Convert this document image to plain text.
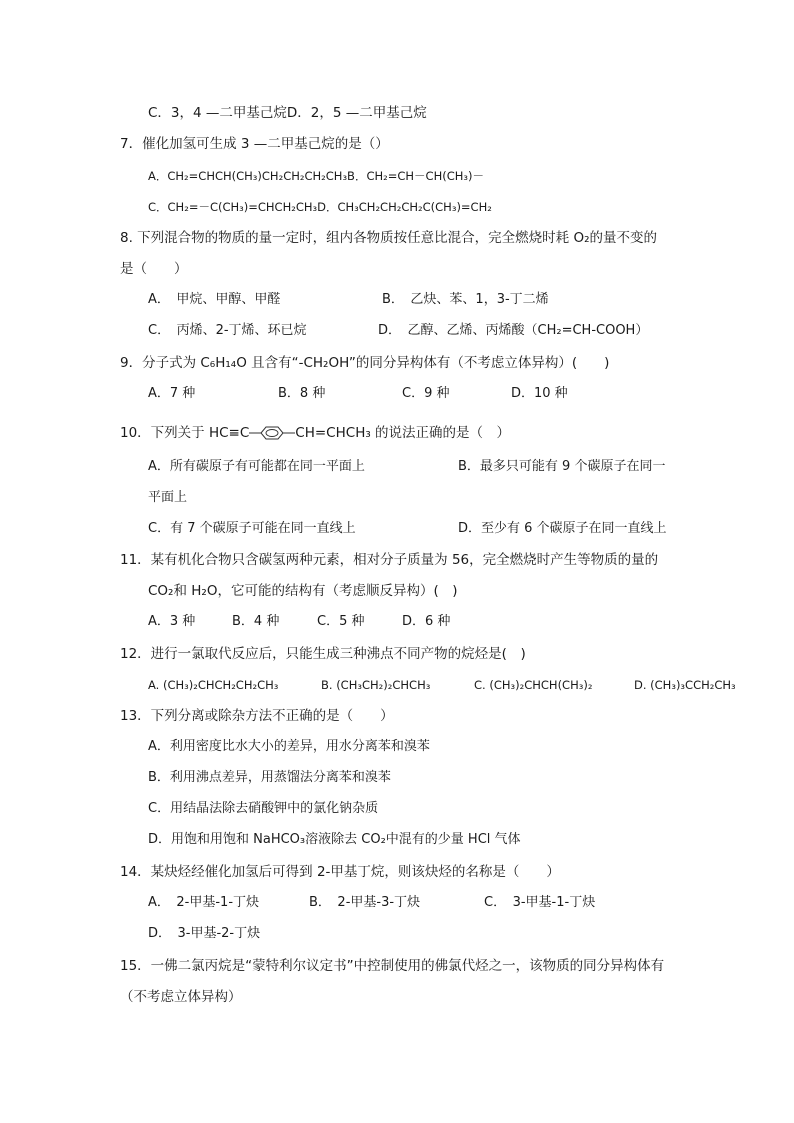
C．3，4 —二甲基己烷D．2，5 —二甲基己烷
7．催化加氢可生成 3 —二甲基己烷的是（）
A．CH₂=CHCH(CH₃)CH₂CH₂CH₂CH₃B．CH₂=CH－CH(CH₃)－
C．CH₂=－C(CH₃)=CHCH₂CH₃D．CH₃CH₂CH₂CH₂C(CH₃)=CH₂
8. 下列混合物的物质的量一定时，组内各物质按任意比混合，完全燃烧时耗 O₂的量不变的
是（　　）
A．　甲烷、甲醇、甲醛	B．　乙炔、苯、1，3-丁二烯
C．　丙烯、2-丁烯、环已烷	D．　乙醇、乙烯、丙烯酸（CH₂=CH-COOH）
9．分子式为 C₆H₁₄O 且含有“-CH₂OH”的同分异构体有（不考虑立体异构）(　　)
A．7 种	B．8 种	C．9 种	D．10 种
10．下列关于 HC≡C	CH=CHCH₃ 的说法正确的是（　）
A．所有碳原子有可能都在同一平面上	B．最多只可能有 9 个碳原子在同一
平面上
C．有 7 个碳原子可能在同一直线上	D．至少有 6 个碳原子在同一直线上
11．某有机化合物只含碳氢两种元素，相对分子质量为 56，完全燃烧时产生等物质的量的
CO₂和 H₂O，它可能的结构有（考虑顺反异构）(　)
A．3 种	B．4 种	C．5 种	D．6 种
12．进行一氯取代反应后，只能生成三种沸点不同产物的烷烃是(　)
A. (CH₃)₂CHCH₂CH₂CH₃	B. (CH₃CH₂)₂CHCH₃	C. (CH₃)₂CHCH(CH₃)₂	D. (CH₃)₃CCH₂CH₃
13．下列分离或除杂方法不正确的是（　　）
A．利用密度比水大小的差异，用水分离苯和溴苯
B．利用沸点差异，用蒸馏法分离苯和溴苯
C．用结晶法除去硝酸钾中的氯化钠杂质
D．用饱和用饱和 NaHCO₃溶液除去 CO₂中混有的少量 HCl 气体
14．某炔烃经催化加氢后可得到 2-甲基丁烷，则该炔烃的名称是（　　）
A．　2-甲基-1-丁炔	B．　2-甲基-3-丁炔	C．　3-甲基-1-丁炔
D．　3-甲基-2-丁炔
15．一佛二氯丙烷是“蒙特利尔议定书”中控制使用的佛氯代烃之一，该物质的同分异构体有
（不考虑立体异构）
